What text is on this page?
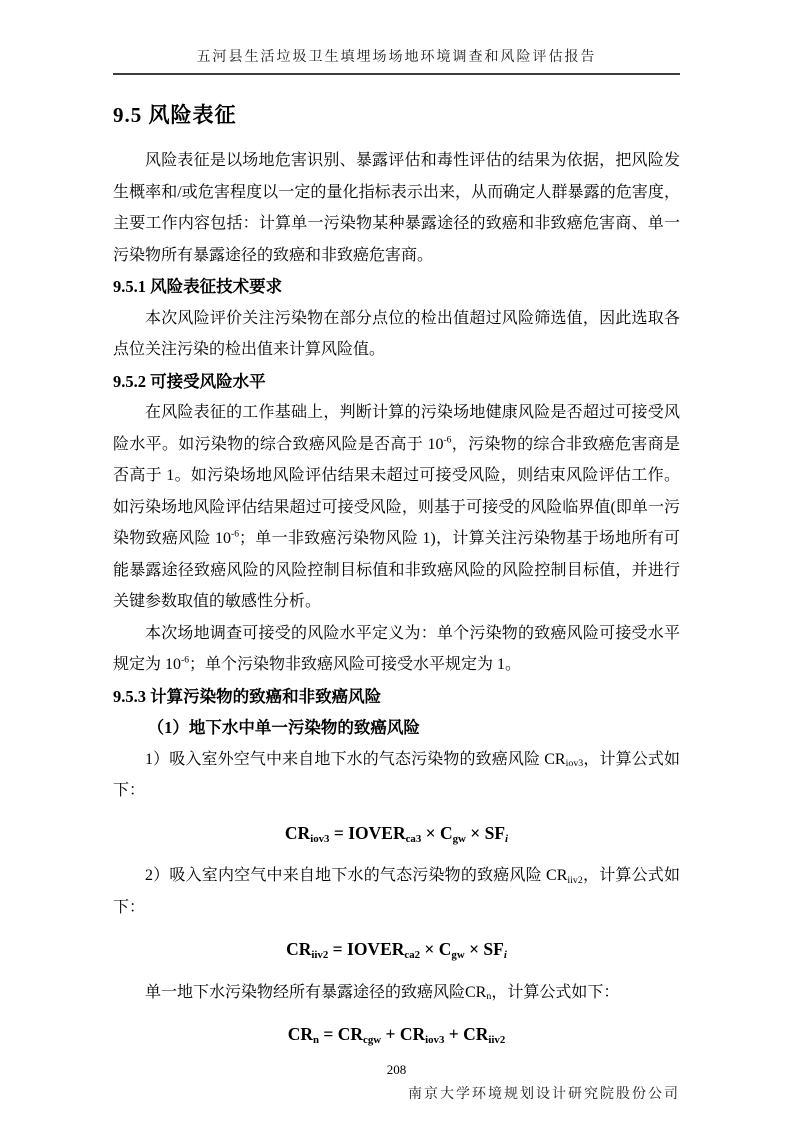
五河县生活垃圾卫生填埋场场地环境调查和风险评估报告
9.5 风险表征

风险表征是以场地危害识别、暴露评估和毒性评估的结果为依据，把风险发生概率和/或危害程度以一定的量化指标表示出来，从而确定人群暴露的危害度，主要工作内容包括：计算单一污染物某种暴露途径的致癌和非致癌危害商、单一污染物所有暴露途径的致癌和非致癌危害商。

9.5.1 风险表征技术要求

本次风险评价关注污染物在部分点位的检出值超过风险筛选值，因此选取各点位关注污染的检出值来计算风险值。

9.5.2 可接受风险水平

在风险表征的工作基础上，判断计算的污染场地健康风险是否超过可接受风险水平。如污染物的综合致癌风险是否高于 $10^{-6}$，污染物的综合非致癌危害商是否高于 1。如污染场地风险评估结果未超过可接受风险，则结束风险评估工作。如污染场地风险评估结果超过可接受风险，则基于可接受的风险临界值(即单一污染物致癌风险 $10^{-6}$；单一非致癌污染物风险 1)，计算关注污染物基于场地所有可能暴露途径致癌风险的风险控制目标值和非致癌风险的风险控制目标值，并进行关键参数取值的敏感性分析。

本次场地调查可接受的风险水平定义为：单个污染物的致癌风险可接受水平规定为 $10^{-6}$；单个污染物非致癌风险可接受水平规定为 1。

9.5.3 计算污染物的致癌和非致癌风险
（1）地下水中单一污染物的致癌风险

1）吸入室外空气中来自地下水的气态污染物的致癌风险 CRiov3，计算公式如下：

CRiov3 = IOVERca3 × Cgw × SFi

2）吸入室内空气中来自地下水的气态污染物的致癌风险 CRiiv2，计算公式如下：

CRiiv2 = IOVERca2 × Cgw × SFi

单一地下水污染物经所有暴露途径的致癌风险CRn，计算公式如下：

CRn = CRcgw + CRiov3 + CRiiv2
208
南京大学环境规划设计研究院股份公司
